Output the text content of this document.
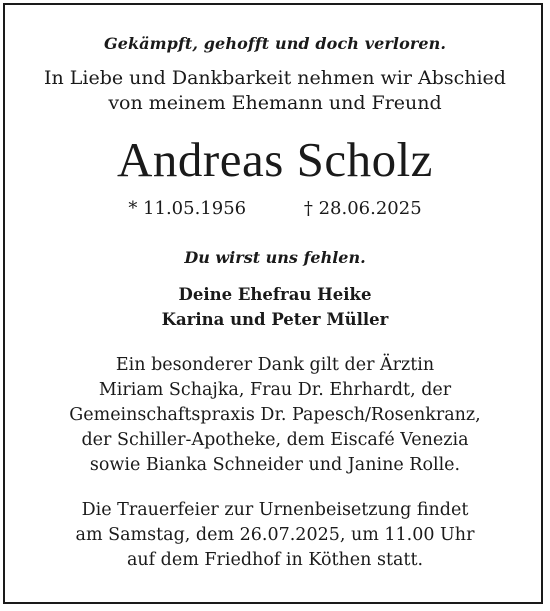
Gekämpft, gehofft und doch verloren.
In Liebe und Dankbarkeit nehmen wir Abschied
von meinem Ehemann und Freund
Andreas Scholz
* 11.05.1956	† 28.06.2025
Du wirst uns fehlen.
Deine Ehefrau Heike
Karina und Peter Müller
Ein besonderer Dank gilt der Ärztin
Miriam Schajka, Frau Dr. Ehrhardt, der
Gemeinschaftspraxis Dr. Papesch/Rosenkranz,
der Schiller-Apotheke, dem Eiscafé Venezia
sowie Bianka Schneider und Janine Rolle.
Die Trauerfeier zur Urnenbeisetzung findet
am Samstag, dem 26.07.2025, um 11.00 Uhr
auf dem Friedhof in Köthen statt.
